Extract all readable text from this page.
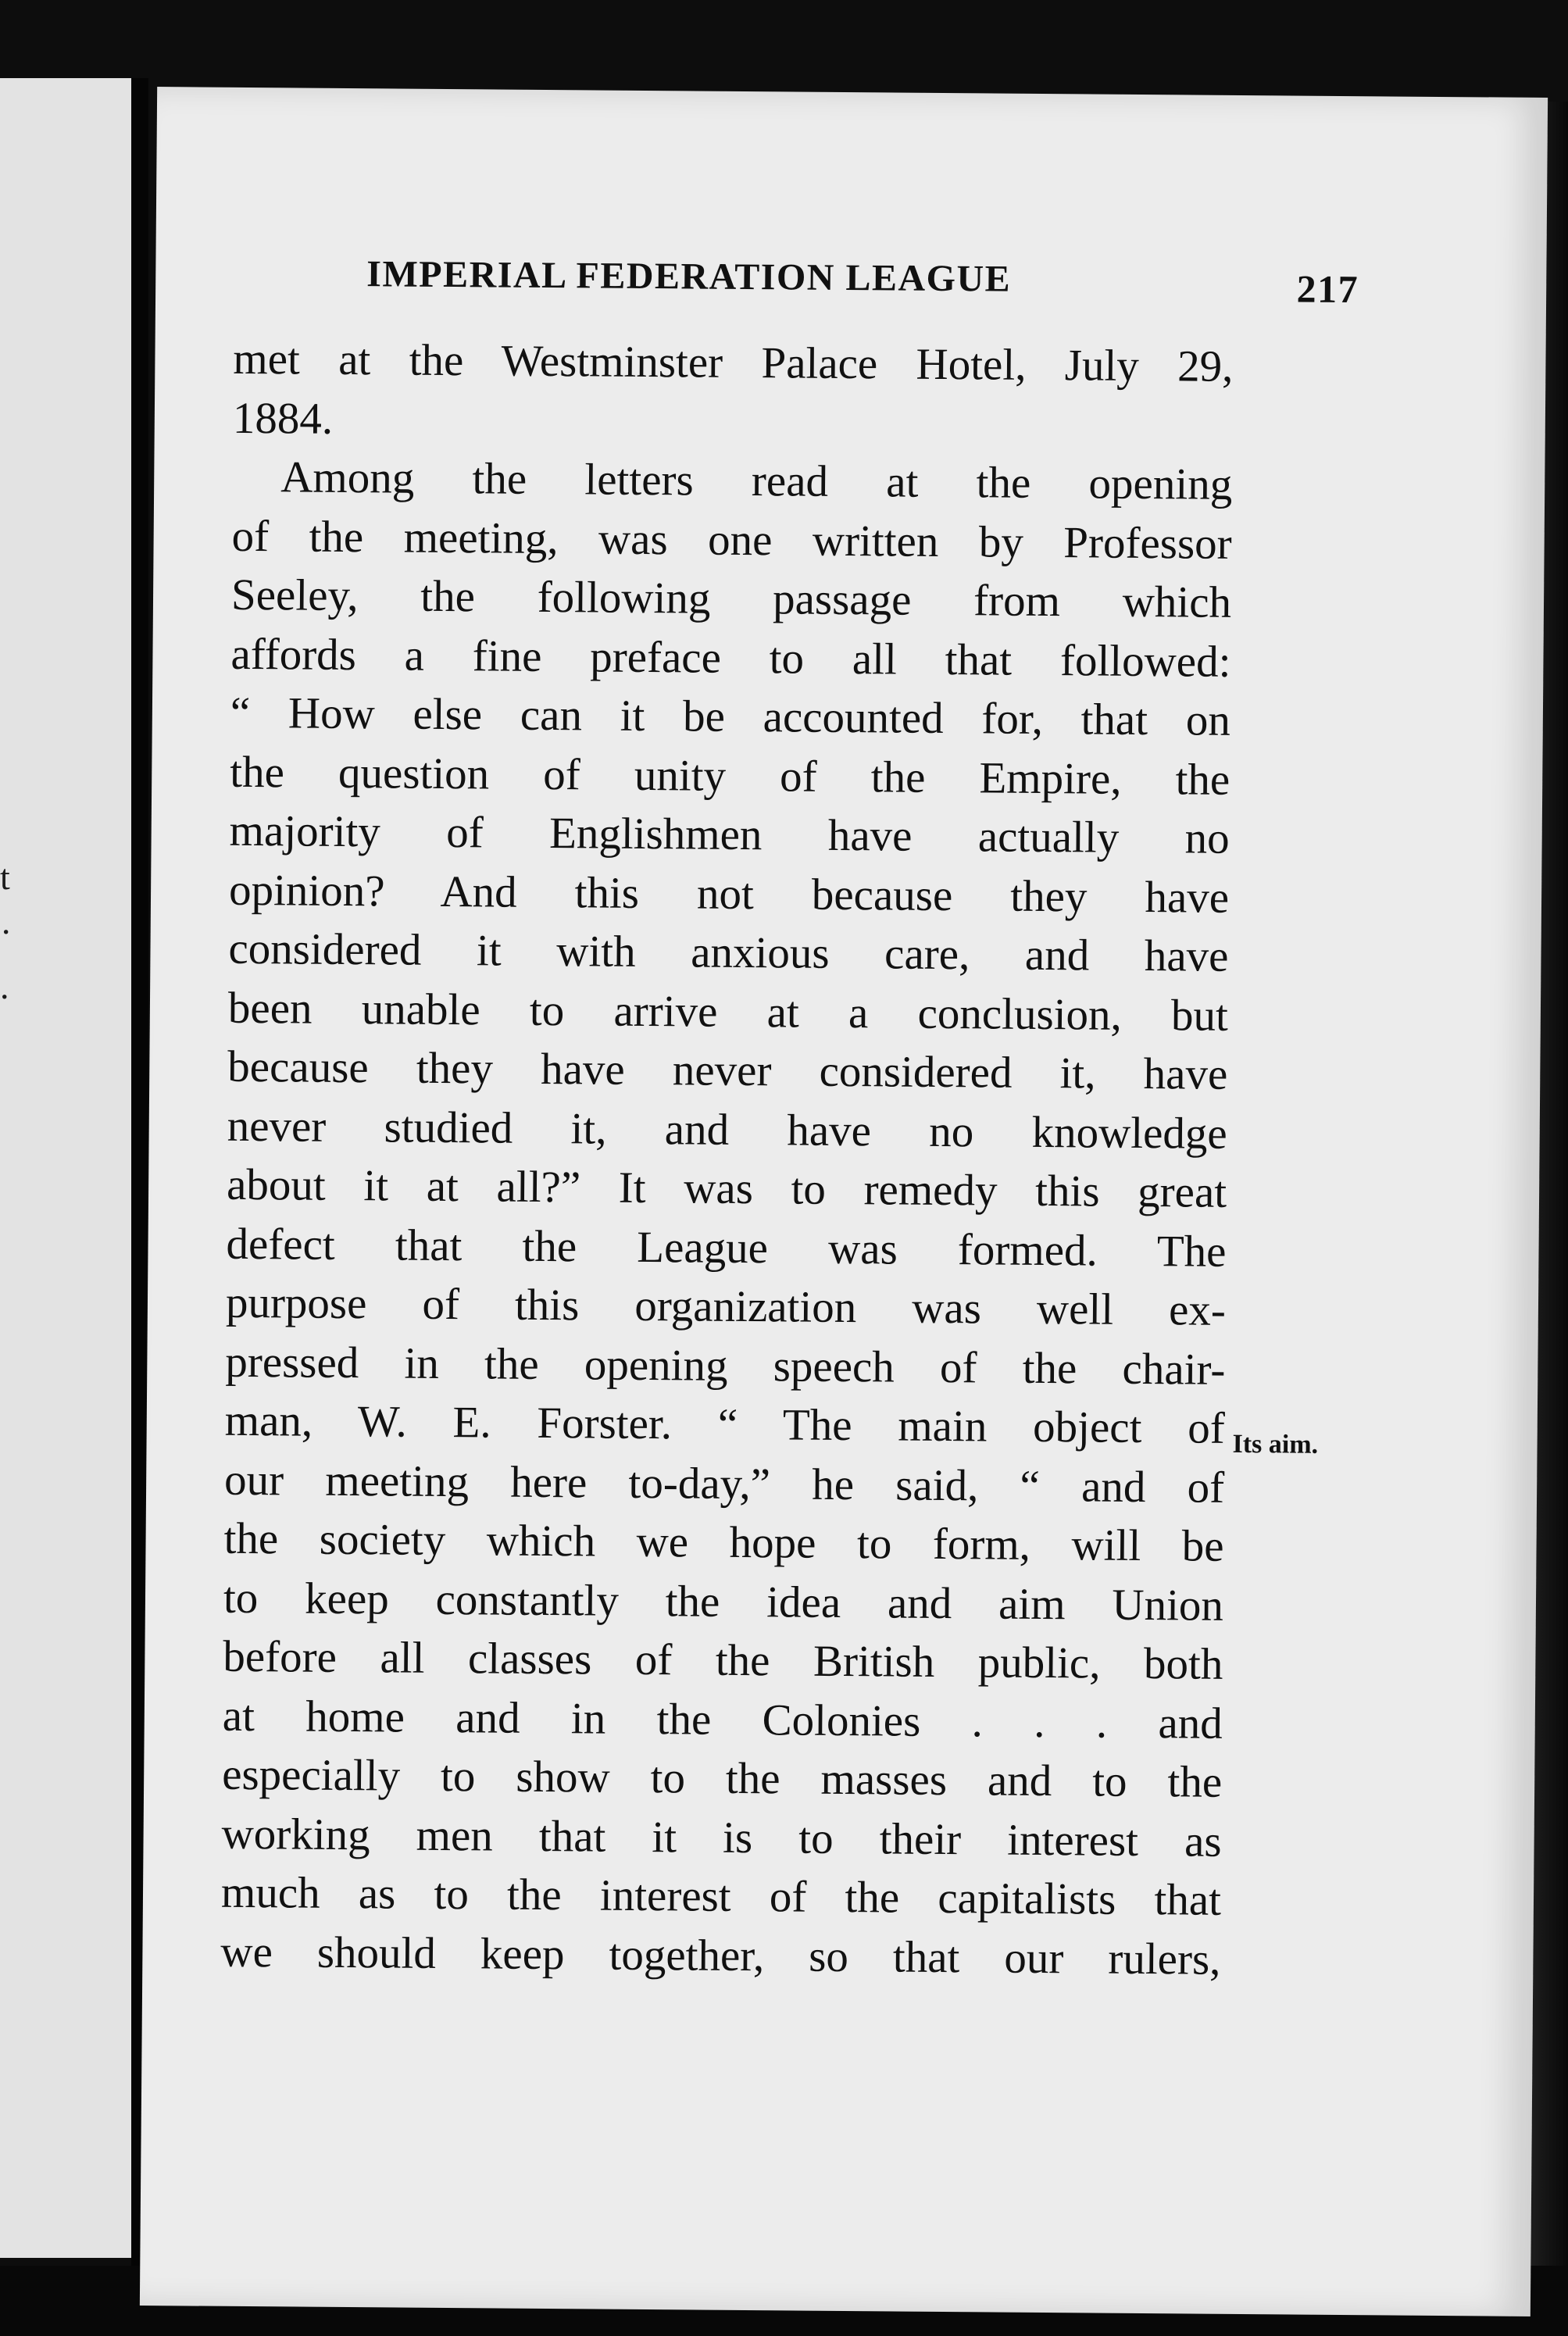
t
·
.
IMPERIAL FEDERATION LEAGUE	217
met at the Westminster Palace Hotel, July 29,
1884.
Among the letters read at the opening
of the meeting, was one written by Professor
Seeley, the following passage from which
affords a fine preface to all that followed:
“ How else can it be accounted for, that on
the question of unity of the Empire, the
majority of Englishmen have actually no
opinion? And this not because they have
considered it with anxious care, and have
been unable to arrive at a conclusion, but
because they have never considered it, have
never studied it, and have no knowledge
about it at all?” It was to remedy this great
defect that the League was formed. The
purpose of this organization was well ex-
pressed in the opening speech of the chair-
man, W. E. Forster. “ The main object of
our meeting here to-day,” he said, “ and of
the society which we hope to form, will be
to keep constantly the idea and aim Union
before all classes of the British public, both
at home and in the Colonies . . . and
especially to show to the masses and to the
working men that it is to their interest as
much as to the interest of the capitalists that
we should keep together, so that our rulers,
Its aim.
